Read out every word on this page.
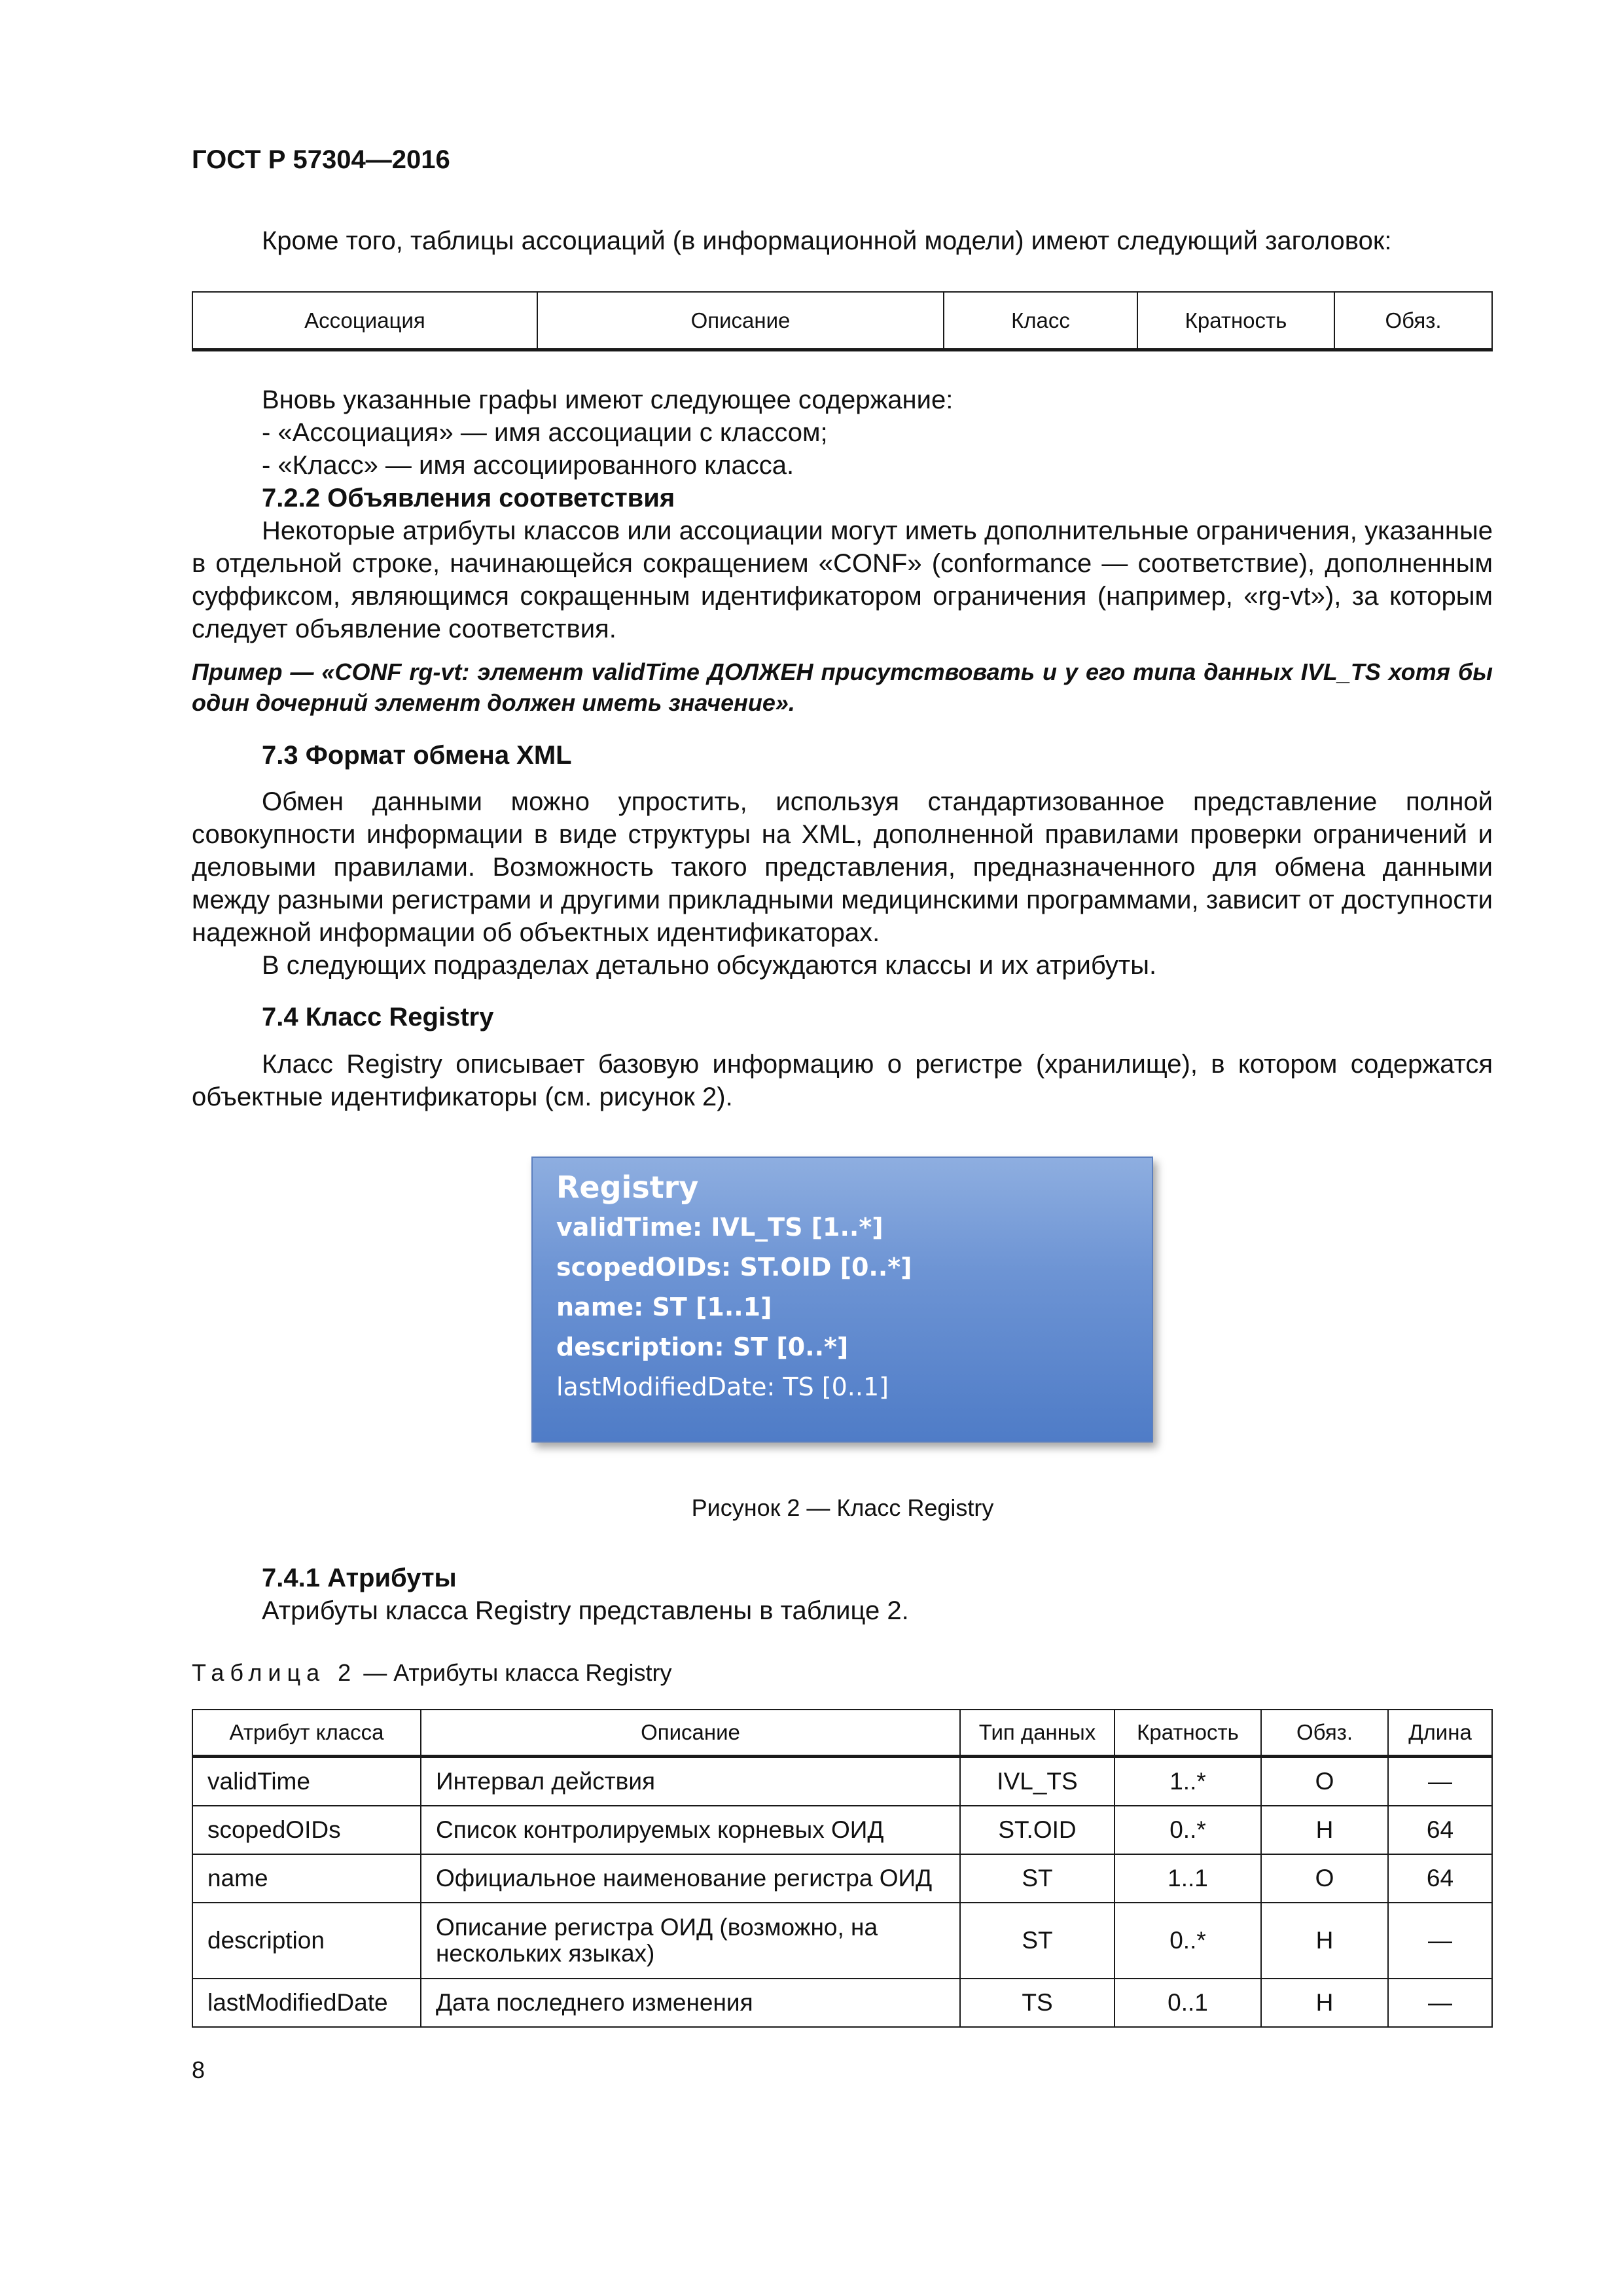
ГОСТ Р 57304—2016
Кроме того, таблицы ассоциаций (в информационной модели) имеют следующий заголовок:
Ассоциация	Описание	Класс	Кратность	Обяз.
Вновь указанные графы имеют следующее содержание:
- «Ассоциация» — имя ассоциации с классом;
- «Класс» — имя ассоциированного класса.
7.2.2 Объявления соответствия
Некоторые атрибуты классов или ассоциации могут иметь дополнительные ограничения, указанные в отдельной строке, начинающейся сокращением «CONF» (conformance — соответствие), дополненным суффиксом, являющимся сокращенным идентификатором ограничения (например, «rg-vt»), за которым следует объявление соответствия.
Пример — «CONF rg-vt: элемент validTime ДОЛЖЕН присутствовать и у его типа данных IVL_TS хотя бы один дочерний элемент должен иметь значение».
7.3 Формат обмена XML
Обмен данными можно упростить, используя стандартизованное представление полной совокупности информации в виде структуры на XML, дополненной правилами проверки ограничений и деловыми правилами. Возможность такого представления, предназначенного для обмена данными между разными регистрами и другими прикладными медицинскими программами, зависит от доступности надежной информации об объектных идентификаторах.
В следующих подразделах детально обсуждаются классы и их атрибуты.
7.4 Класс Registry
Класс Registry описывает базовую информацию о регистре (хранилище), в котором содержатся объектные идентификаторы (см. рисунок 2).
Registry
validTime: IVL_TS [1..*]
scopedOIDs: ST.OID [0..*]
name: ST [1..1]
description: ST [0..*]
lastModifiedDate: TS [0..1]
Рисунок 2 — Класс Registry
7.4.1 Атрибуты
Атрибуты класса Registry представлены в таблице 2.
Таблица 2 — Атрибуты класса Registry
Атрибут класса	Описание	Тип данных	Кратность	Обяз.	Длина
validTime	Интервал действия	IVL_TS	1..*	О	—
scopedOIDs	Список контролируемых корневых ОИД	ST.OID	0..*	Н	64
name	Официальное наименование регистра ОИД	ST	1..1	О	64
description	Описание регистра ОИД (возможно, на нескольких языках)	ST	0..*	Н	—
lastModifiedDate	Дата последнего изменения	TS	0..1	Н	—
8
